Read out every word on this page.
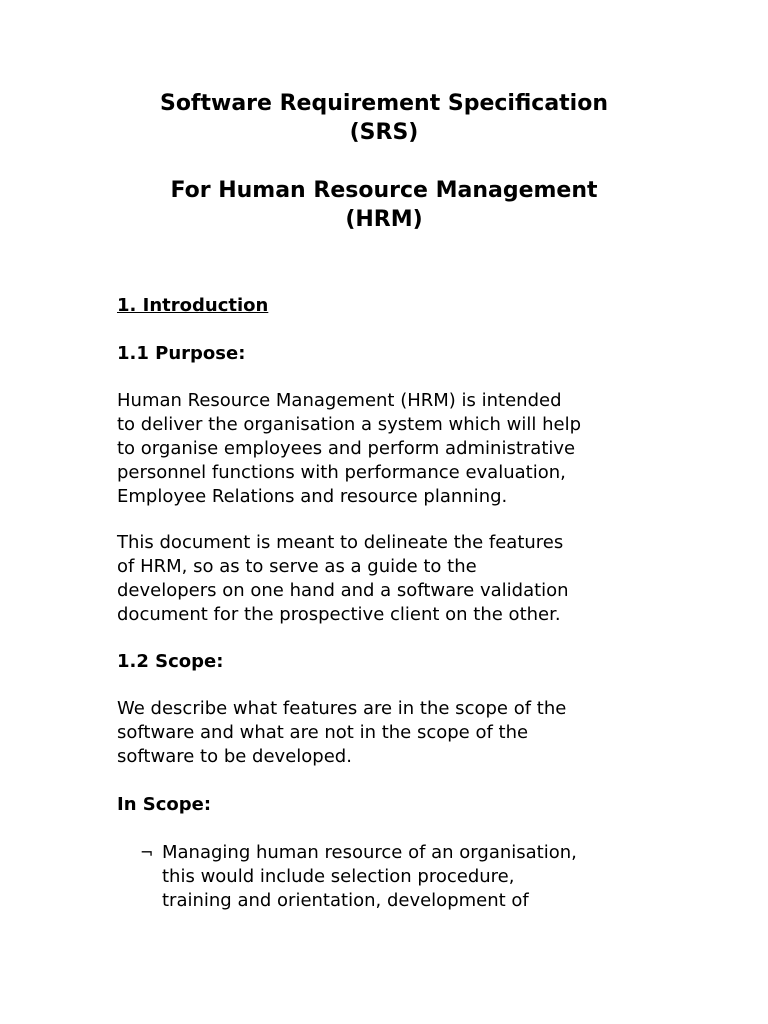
Software Requirement Specification
(SRS)
For Human Resource Management
(HRM)
1. Introduction
1.1 Purpose:
Human Resource Management (HRM) is intended
to deliver the organisation a system which will help
to organise employees and perform administrative
personnel functions with performance evaluation,
Employee Relations and resource planning.
This document is meant to delineate the features
of HRM, so as to serve as a guide to the
developers on one hand and a software validation
document for the prospective client on the other.
1.2 Scope:
We describe what features are in the scope of the
software and what are not in the scope of the
software to be developed.
In Scope:
¬ Managing human resource of an organisation,
this would include selection procedure,
training and orientation, development of
